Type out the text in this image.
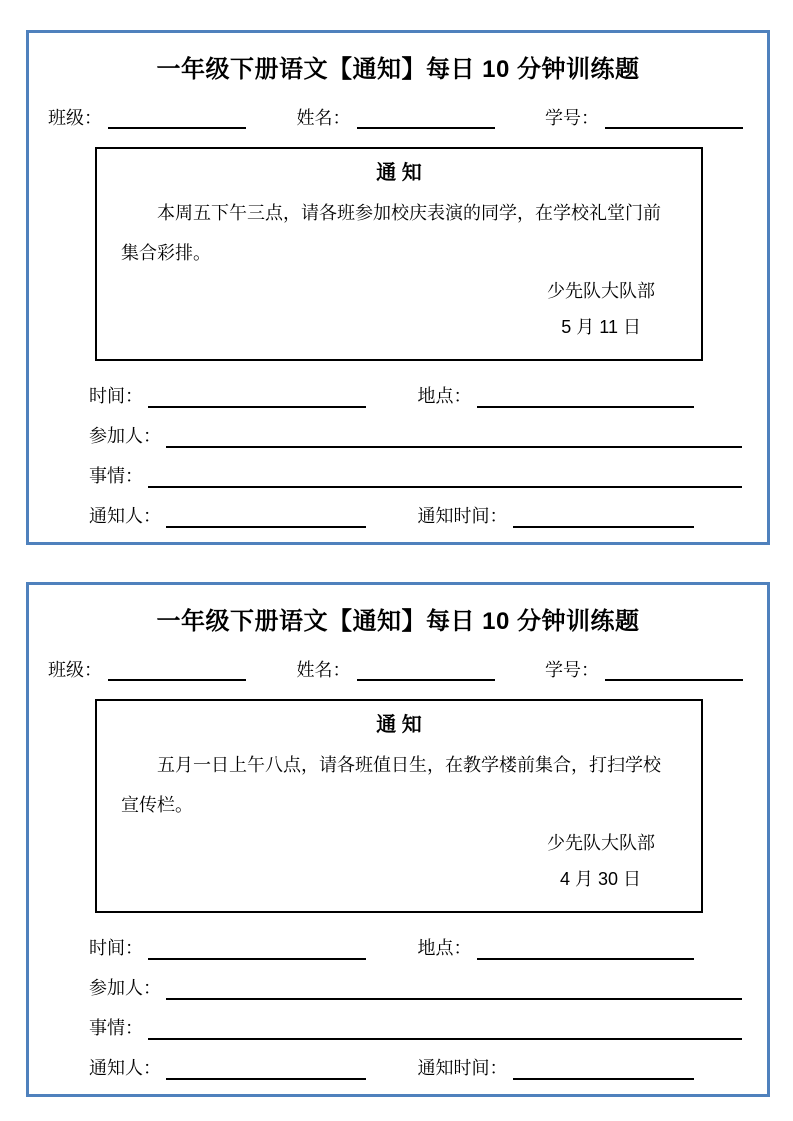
一年级下册语文【通知】每日 10 分钟训练题
班级：	姓名：	学号：
通 知

本周五下午三点，请各班参加校庆表演的同学，在学校礼堂门前集合彩排。

少先队大队部
5 月 11 日
时间：	地点：
参加人：
事情：
通知人：	通知时间：
一年级下册语文【通知】每日 10 分钟训练题
班级：	姓名：	学号：
通 知

五月一日上午八点，请各班值日生，在教学楼前集合，打扫学校宣传栏。

少先队大队部
4 月 30 日
时间：	地点：
参加人：
事情：
通知人：	通知时间：
